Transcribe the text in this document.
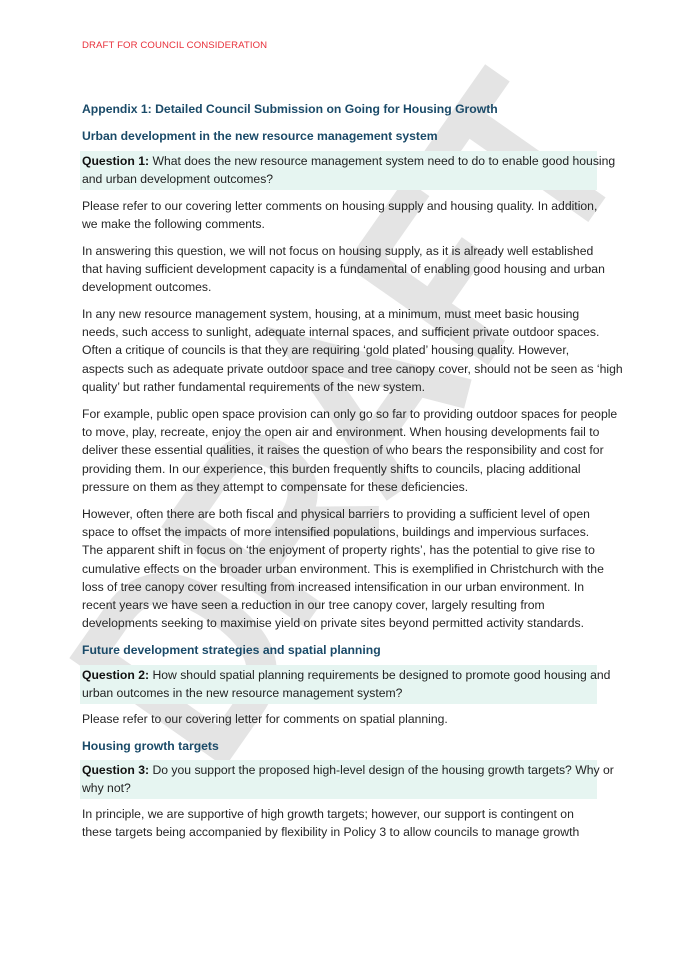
DRAFT FOR COUNCIL CONSIDERATION
Appendix 1: Detailed Council Submission on Going for Housing Growth
Urban development in the new resource management system
Question 1: What does the new resource management system need to do to enable good housing
and urban development outcomes?
Please refer to our covering letter comments on housing supply and housing quality. In addition,
we make the following comments.
In answering this question, we will not focus on housing supply, as it is already well established
that having sufficient development capacity is a fundamental of enabling good housing and urban
development outcomes.
In any new resource management system, housing, at a minimum, must meet basic housing
needs, such access to sunlight, adequate internal spaces, and sufficient private outdoor spaces.
Often a critique of councils is that they are requiring ‘gold plated’ housing quality. However,
aspects such as adequate private outdoor space and tree canopy cover, should not be seen as ‘high
quality’ but rather fundamental requirements of the new system.
For example, public open space provision can only go so far to providing outdoor spaces for people
to move, play, recreate, enjoy the open air and environment. When housing developments fail to
deliver these essential qualities, it raises the question of who bears the responsibility and cost for
providing them. In our experience, this burden frequently shifts to councils, placing additional
pressure on them as they attempt to compensate for these deficiencies.
However, often there are both fiscal and physical barriers to providing a sufficient level of open
space to offset the impacts of more intensified populations, buildings and impervious surfaces.
The apparent shift in focus on ‘the enjoyment of property rights’, has the potential to give rise to
cumulative effects on the broader urban environment. This is exemplified in Christchurch with the
loss of tree canopy cover resulting from increased intensification in our urban environment. In
recent years we have seen a reduction in our tree canopy cover, largely resulting from
developments seeking to maximise yield on private sites beyond permitted activity standards.
Future development strategies and spatial planning
Question 2: How should spatial planning requirements be designed to promote good housing and
urban outcomes in the new resource management system?
Please refer to our covering letter for comments on spatial planning.
Housing growth targets
Question 3: Do you support the proposed high-level design of the housing growth targets? Why or
why not?
In principle, we are supportive of high growth targets; however, our support is contingent on
these targets being accompanied by flexibility in Policy 3 to allow councils to manage growth
